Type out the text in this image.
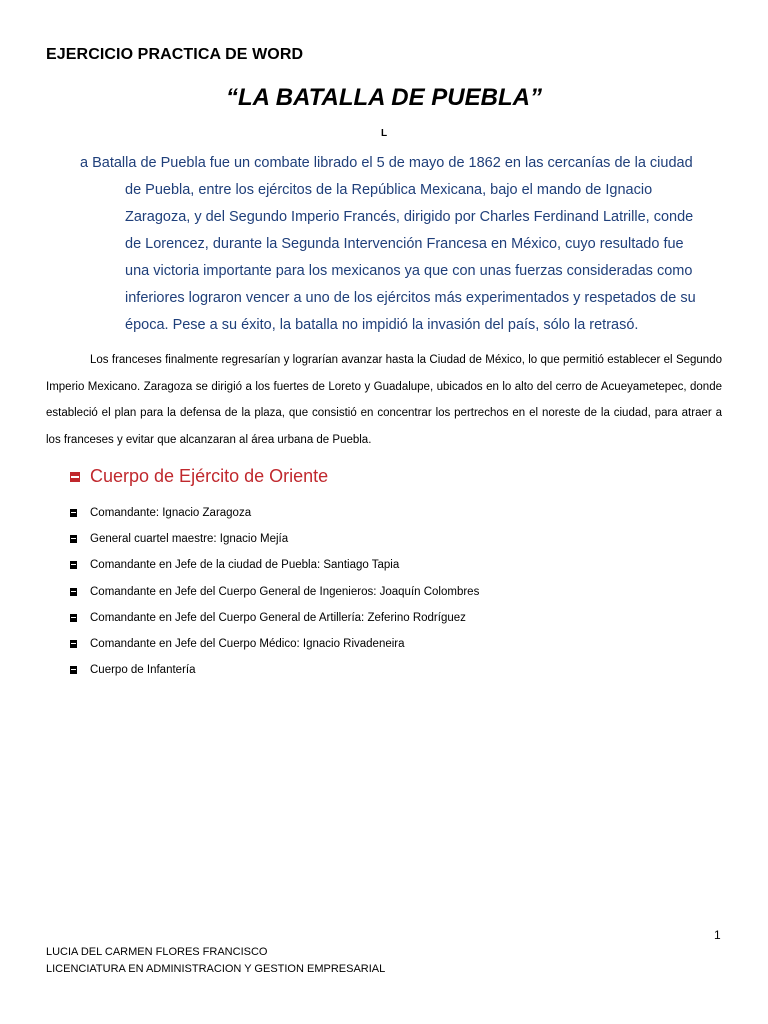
EJERCICIO PRACTICA DE WORD
“LA BATALLA DE PUEBLA”
L
a Batalla de Puebla fue un combate librado el 5 de mayo de 1862 en las cercanías de la ciudad
de Puebla, entre los ejércitos de la República Mexicana, bajo el mando de Ignacio
Zaragoza, y del Segundo Imperio Francés, dirigido por Charles Ferdinand Latrille, conde
de Lorencez, durante la Segunda Intervención Francesa en México, cuyo resultado fue
una victoria importante para los mexicanos ya que con unas fuerzas consideradas como
inferiores lograron vencer a uno de los ejércitos más experimentados y respetados de su
época. Pese a su éxito, la batalla no impidió la invasión del país, sólo la retrasó.
Los franceses finalmente regresarían y lograrían avanzar hasta la Ciudad de México, lo que permitió establecer el Segundo Imperio Mexicano. Zaragoza se dirigió a los fuertes de Loreto y Guadalupe, ubicados en lo alto del cerro de Acueyametepec, donde estableció el plan para la defensa de la plaza, que consistió en concentrar los pertrechos en el noreste de la ciudad, para atraer a los franceses y evitar que alcanzaran al área urbana de Puebla.
Cuerpo de Ejército de Oriente
Comandante: Ignacio Zaragoza
General cuartel maestre: Ignacio Mejía
Comandante en Jefe de la ciudad de Puebla: Santiago Tapia
Comandante en Jefe del Cuerpo General de Ingenieros: Joaquín Colombres
Comandante en Jefe del Cuerpo General de Artillería: Zeferino Rodríguez
Comandante en Jefe del Cuerpo Médico: Ignacio Rivadeneira
Cuerpo de Infantería
1
LUCIA DEL CARMEN FLORES FRANCISCO
LICENCIATURA EN ADMINISTRACION Y GESTION EMPRESARIAL
